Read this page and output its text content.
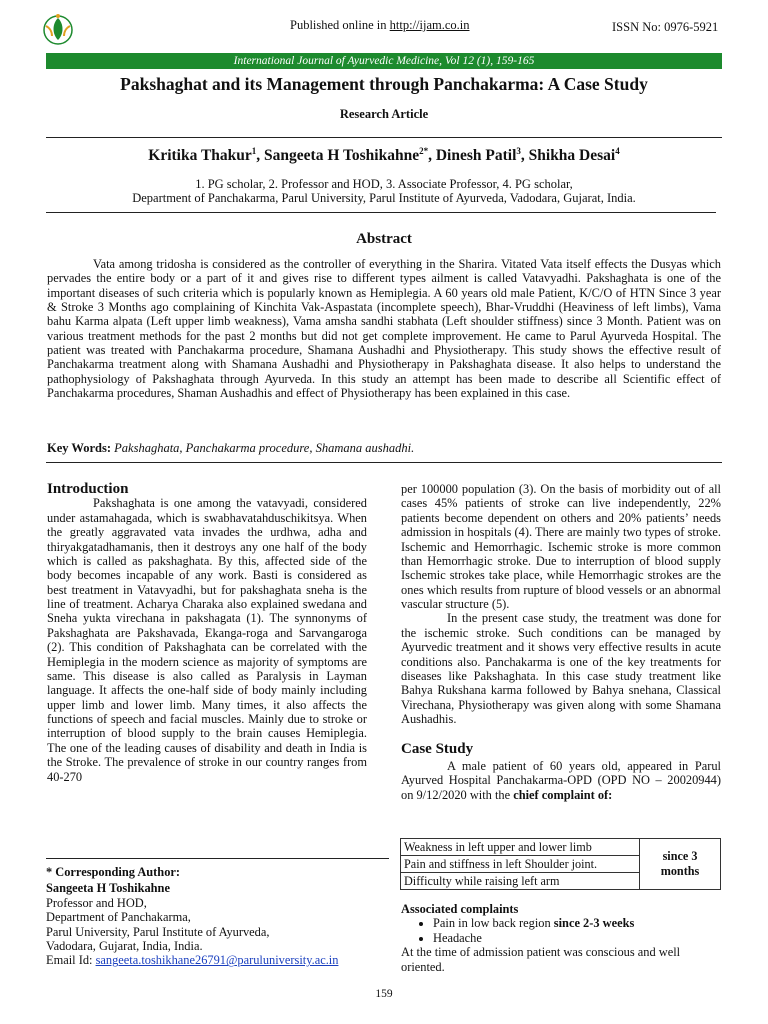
Published online in http://ijam.co.in	ISSN No: 0976-5921
International Journal of Ayurvedic Medicine, Vol 12 (1), 159-165
Pakshaghat and its Management through Panchakarma: A Case Study
Research Article
Kritika Thakur$^1$, Sangeeta H Toshikahne$^{2*}$, Dinesh Patil$^3$, Shikha Desai$^4$
1. PG scholar, 2. Professor and HOD, 3. Associate Professor, 4. PG scholar,
Department of Panchakarma, Parul University, Parul Institute of Ayurveda, Vadodara, Gujarat, India.
Abstract

Vata among tridosha is considered as the controller of everything in the Sharira. Vitated Vata itself effects the Dusyas which pervades the entire body or a part of it and gives rise to different types ailment is called Vatavyadhi. Pakshaghata is one of the important diseases of such criteria which is popularly known as Hemiplegia. A 60 years old male Patient, K/C/O of HTN Since 3 year & Stroke 3 Months ago complaining of Kinchita Vak-Aspastata (incomplete speech), Bhar-Vruddhi (Heaviness of left limbs), Vama bahu Karma alpata (Left upper limb weakness), Vama amsha sandhi stabhata (Left shoulder stiffness) since 3 Month. Patient was on various treatment methods for the past 2 months but did not get complete improvement. He came to Parul Ayurveda Hospital. The patient was treated with Panchakarma procedure, Shamana Aushadhi and Physiotherapy. This study shows the effective result of Panchakarma treatment along with Shamana Aushadhi and Physiotherapy in Pakshaghata disease. It also helps to understand the pathophysiology of Pakshaghata through Ayurveda. In this study an attempt has been made to describe all Scientific effect of Panchakarma procedures, Shaman Aushadhis and effect of Physiotherapy has been explained in this case.

Key Words: Pakshaghata, Panchakarma procedure, Shamana aushadhi.
Introduction

Pakshaghata is one among the vatavyadi, considered under astamahagada, which is swabhavatahduschikitsya. When the greatly aggravated vata invades the urdhwa, adha and thiryakgatadhamanis, then it destroys any one half of the body which is called as pakshaghata. By this, affected side of the body becomes incapable of any work. Basti is considered as best treatment in Vatavyadhi, but for pakshaghata sneha is the line of treatment. Acharya Charaka also explained swedana and Sneha yukta virechana in pakshagata (1). The synnonyms of Pakshaghata are Pakshavada, Ekanga-roga and Sarvangaroga (2). This condition of Pakshaghata can be correlated with the Hemiplegia in the modern science as majority of symptoms are same. This disease is also called as Paralysis in Layman language. It affects the one-half side of body mainly including upper limb and lower limb. Many times, it also affects the functions of speech and facial muscles. Mainly due to stroke or interruption of blood supply to the brain causes Hemiplegia. The one of the leading causes of disability and death in India is the Stroke. The prevalence of stroke in our country ranges from 40-270

per 100000 population (3). On the basis of morbidity out of all cases 45% patients of stroke can live independently, 22% patients become dependent on others and 20% patients’ needs admission in hospitals (4). There are mainly two types of stroke. Ischemic and Hemorrhagic. Ischemic stroke is more common than Hemorrhagic stroke. Due to interruption of blood supply Ischemic strokes take place, while Hemorrhagic strokes are the ones which results from rupture of blood vessels or an abnormal vascular structure (5).

In the present case study, the treatment was done for the ischemic stroke. Such conditions can be managed by Ayurvedic treatment and it shows very effective results in acute conditions also. Panchakarma is one of the key treatments for diseases like Pakshaghata. In this case study treatment like Bahya Rukshana karma followed by Bahya snehana, Classical Virechana, Physiotherapy was given along with some Shamana Aushadhis.

Case Study

A male patient of 60 years old, appeared in Parul Ayurved Hospital Panchakarma-OPD (OPD NO – 20020944) on 9/12/2020 with the chief complaint of:

Weakness in left upper and lower limb	since 3 months
Pain and stiffness in left Shoulder joint.
Difficulty while raising left arm
Associated complaints
• Pain in low back region since 2-3 weeks
• Headache

At the time of admission patient was conscious and well oriented.

* Corresponding Author:
Sangeeta H Toshikahne
Professor and HOD,
Department of Panchakarma,
Parul University, Parul Institute of Ayurveda,
Vadodara, Gujarat, India, India.
Email Id: sangeeta.toshikhane26791@paruluniversity.ac.in
159
